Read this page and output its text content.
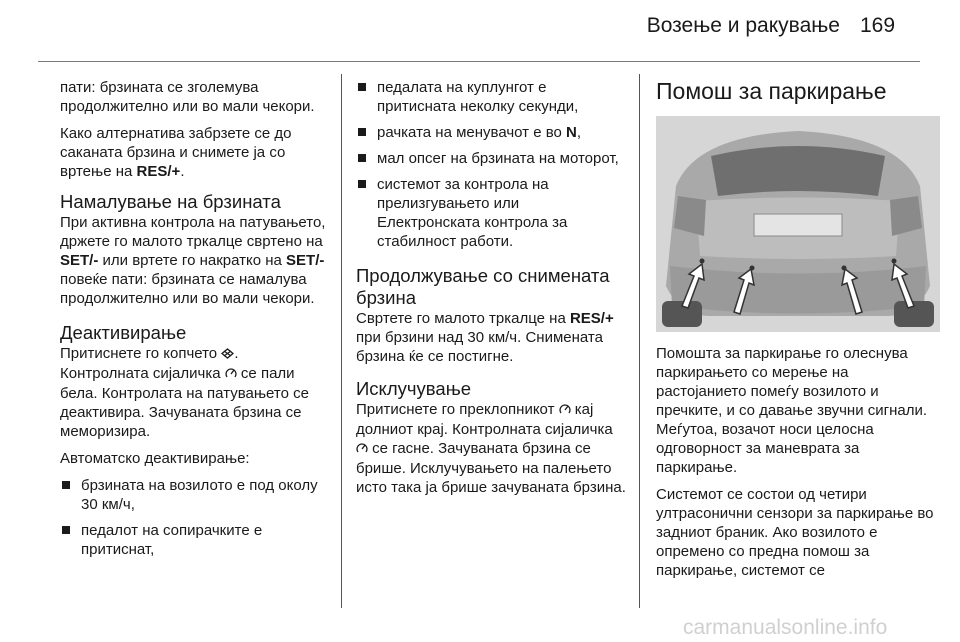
Возење и ракување 169

пати: брзината се зголемува продолжително или во мали чекори.

Како алтернатива забрзете се до саканата брзина и снимете ја со вртење на RES/+.

Намалување на брзината

При активна контрола на патувањето, држете го малото тркалце свртено на SET/- или вртете го накратко на SET/- повеќе пати: брзината се намалува продолжително или во мали чекори.

Деактивирање

Притиснете го копчето . Контролната сијаличка  се пали бела. Контролата на патувањето се деактивира. Зачуваната брзина се меморизира.

Автоматско деактивирање:

брзината на возилото е под околу 30 км/ч,
педалот на сопирачките е притиснат,
педалата на куплунгот е притисната неколку секунди,
рачката на менувачот е во N,
мал опсег на брзината на моторот,
системот за контрола на прелизгувањето или Електронската контрола за стабилност работи.
Продолжување со снимената брзина

Свртете го малото тркалце на RES/+ при брзини над 30 км/ч. Снимената брзина ќе се постигне.

Исклучување

Притиснете го преклопникот  кај долниот крај. Контролната сијаличка  се гасне. Зачуваната брзина се брише. Исклучувањето на палењето исто така ја брише зачуваната брзина.

Помош за паркирање

Помошта за паркирање го олеснува паркирањето со мерење на растојанието помеѓу возилото и пречките, и со давање звучни сигнали. Меѓутоа, возачот носи целосна одговорност за маневрата за паркирање.

Системот се состои од четири ултрасонични сензори за паркирање во задниот браник. Ако возилото е опремено со предна помош за паркирање, системот се

carmanualsonline.info
